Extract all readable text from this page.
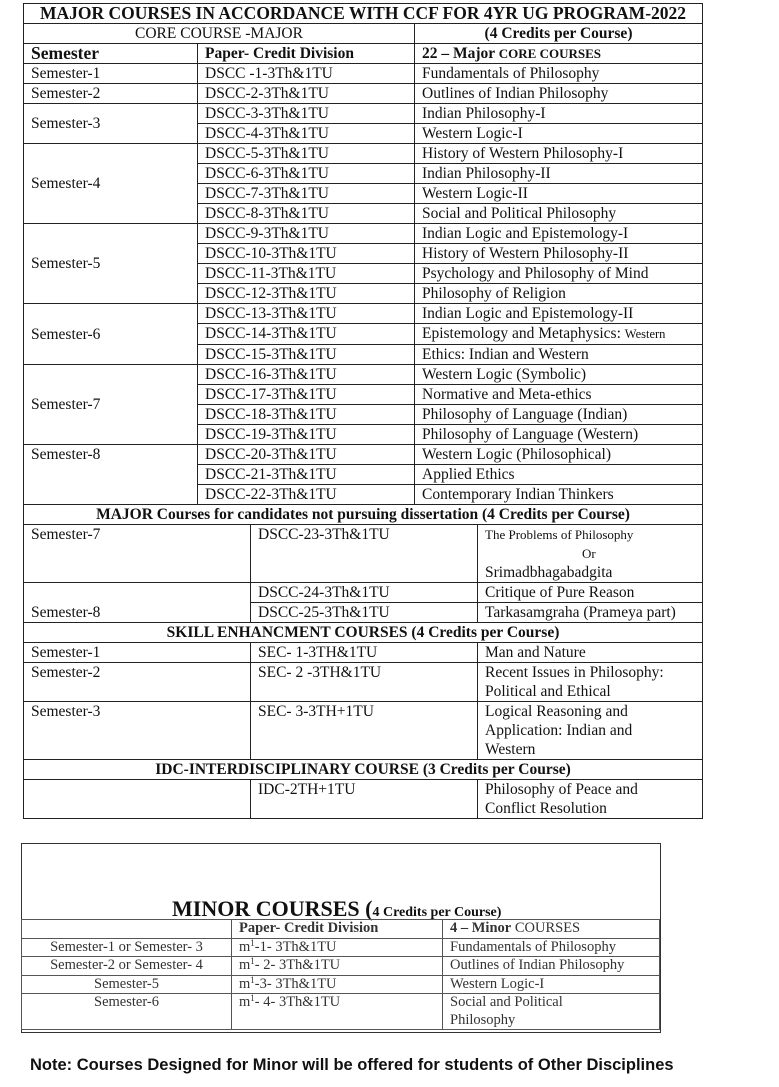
MAJOR COURSES IN ACCORDANCE WITH CCF FOR 4YR UG PROGRAM-2022				
CORE COURSE -MAJOR			(4 Credits per Course)	
Semester	Paper- Credit Division		22 – Major CORE COURSES	
Semester-1	DSCC -1-3Th&1TU		Fundamentals of Philosophy	
Semester-2	DSCC-2-3Th&1TU		Outlines of Indian Philosophy	
Semester-3	DSCC-3-3Th&1TU		Indian Philosophy-I	
	DSCC-4-3Th&1TU		Western Logic-I	
Semester-4	DSCC-5-3Th&1TU		History of Western Philosophy-I	
	DSCC-6-3Th&1TU		Indian Philosophy-II	
	DSCC-7-3Th&1TU		Western Logic-II	
	DSCC-8-3Th&1TU		Social and Political Philosophy	
Semester-5	DSCC-9-3Th&1TU		Indian Logic and Epistemology-I	
	DSCC-10-3Th&1TU		History of Western Philosophy-II	
	DSCC-11-3Th&1TU		Psychology and Philosophy of Mind	
	DSCC-12-3Th&1TU		Philosophy of Religion	
Semester-6	DSCC-13-3Th&1TU		Indian Logic and Epistemology-II	
	DSCC-14-3Th&1TU		Epistemology and Metaphysics: Western	
	DSCC-15-3Th&1TU		Ethics: Indian and Western	
Semester-7	DSCC-16-3Th&1TU		Western Logic (Symbolic)	
	DSCC-17-3Th&1TU		Normative and Meta-ethics	
	DSCC-18-3Th&1TU		Philosophy of Language (Indian)	
	DSCC-19-3Th&1TU		Philosophy of Language (Western)	
Semester-8	DSCC-20-3Th&1TU		Western Logic (Philosophical)	
	DSCC-21-3Th&1TU		Applied Ethics	
	DSCC-22-3Th&1TU		Contemporary Indian Thinkers	
MAJOR Courses for candidates not pursuing dissertation (4 Credits per Course)				
Semester-7		DSCC-23-3Th&1TU		The Problems of Philosophy
Or
Srimadbhagabadgita

Semester-8		DSCC-24-3Th&1TU		Critique of Pure Reason
		DSCC-25-3Th&1TU		Tarkasamgraha (Prameya part)
SKILL ENHANCMENT COURSES (4 Credits per Course)				
Semester-1		SEC- 1-3TH&1TU		Man and Nature

Semester-2		SEC- 2 -3TH&1TU		Recent Issues in Philosophy:
Political and Ethical

Semester-3		SEC- 3-3TH+1TU		Logical Reasoning and
Application: Indian and
Western

IDC-INTERDISCIPLINARY COURSE (3 Credits per Course)				
		IDC-2TH+1TU		Philosophy of Peace and
Conflict Resolution
MINOR COURSES (4 Credits per Course)
	Paper- Credit Division	4 – Minor COURSES
Semester-1 or Semester- 3	$m^1-1-$ 3Th&1TU	Fundamentals of Philosophy

Semester-2 or Semester- 4	$m^1-$ 2- 3Th&1TU	Outlines of Indian Philosophy

Semester-5	$m^1-3-$ 3Th&1TU	Western Logic-I

Semester-6	$m^1-$ 4- 3Th&1TU	Social and Political
Philosophy
Note: Courses Designed for Minor will be offered for students of Other Disciplines
